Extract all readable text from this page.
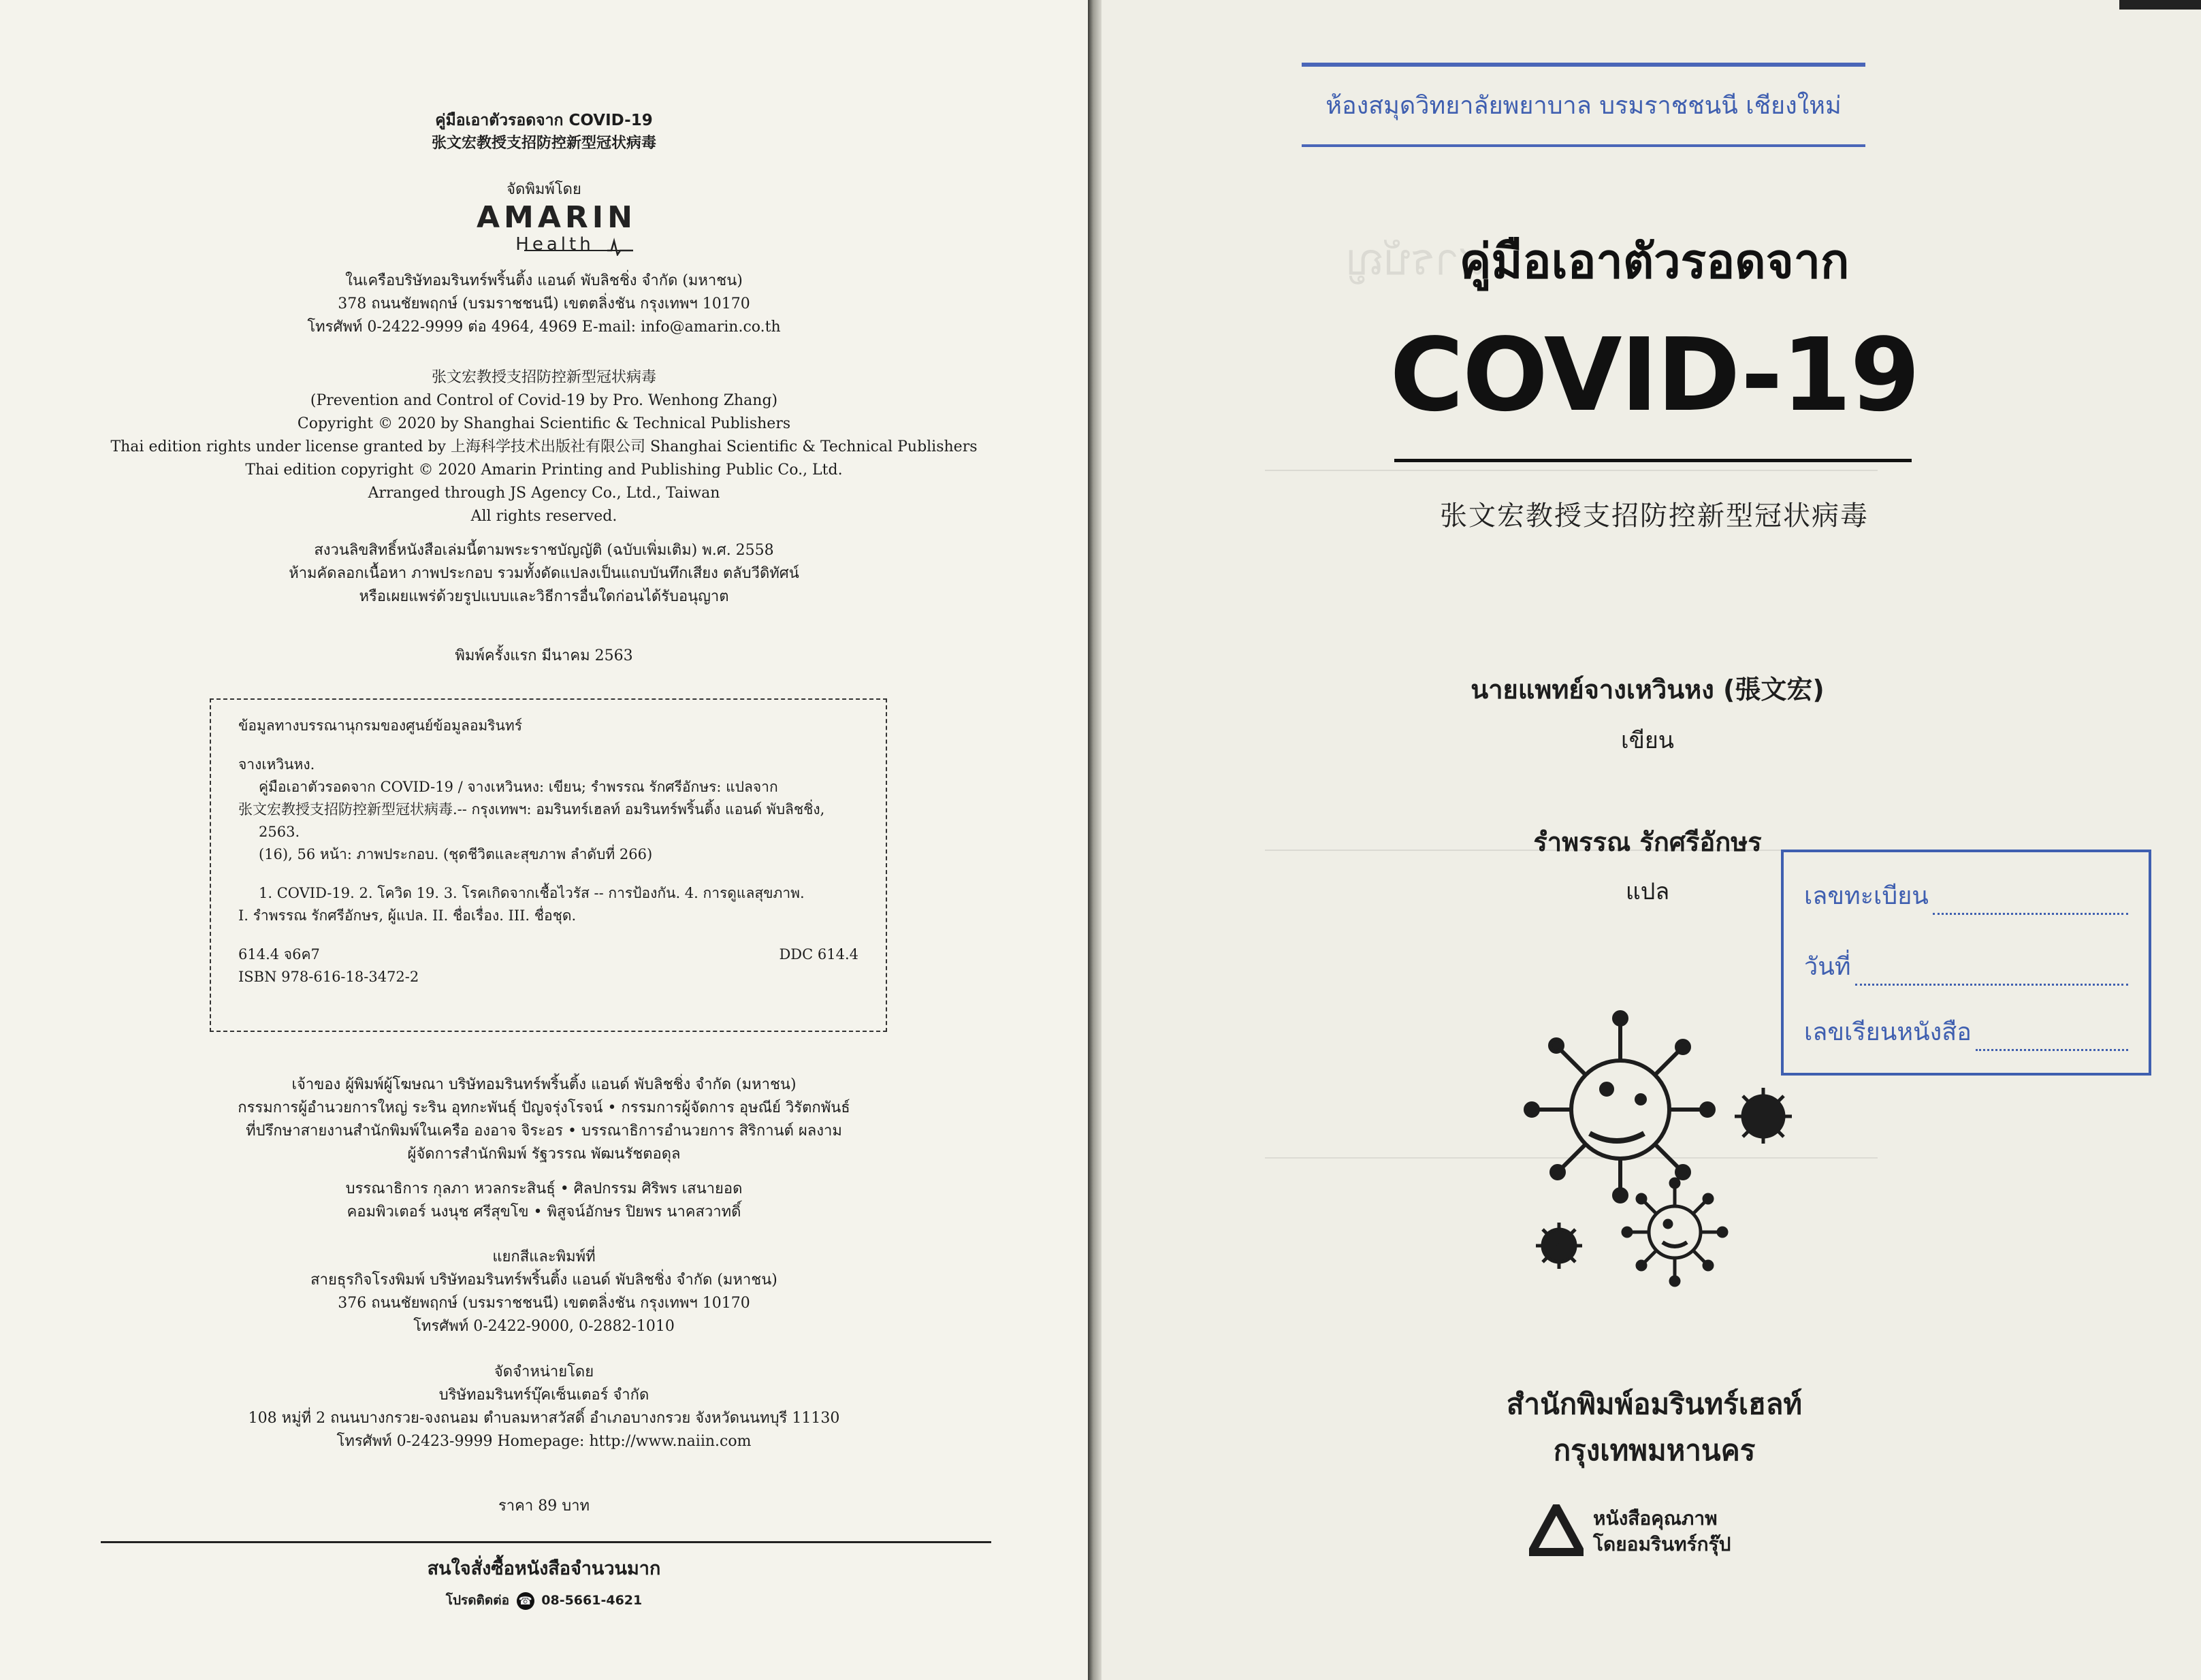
คู่มือเอาตัวรอดจาก COVID-19
张文宏教授支招防控新型冠状病毒
จัดพิมพ์โดย
AMARIN
Health
ในเครือบริษัทอมรินทร์พริ้นติ้ง แอนด์ พับลิชชิ่ง จำกัด (มหาชน)
378 ถนนชัยพฤกษ์ (บรมราชชนนี) เขตตลิ่งชัน กรุงเทพฯ 10170
โทรศัพท์ 0-2422-9999 ต่อ 4964, 4969 E-mail: info@amarin.co.th
张文宏教授支招防控新型冠状病毒
(Prevention and Control of Covid-19 by Pro. Wenhong Zhang)
Copyright © 2020 by Shanghai Scientific & Technical Publishers
Thai edition rights under license granted by 上海科学技术出版社有限公司 Shanghai Scientific & Technical Publishers
Thai edition copyright © 2020 Amarin Printing and Publishing Public Co., Ltd.
Arranged through JS Agency Co., Ltd., Taiwan
All rights reserved.
สงวนลิขสิทธิ์หนังสือเล่มนี้ตามพระราชบัญญัติ (ฉบับเพิ่มเติม) พ.ศ. 2558
ห้ามคัดลอกเนื้อหา ภาพประกอบ รวมทั้งดัดแปลงเป็นแถบบันทึกเสียง ตลับวีดิทัศน์
หรือเผยแพร่ด้วยรูปแบบและวิธีการอื่นใดก่อนได้รับอนุญาต
พิมพ์ครั้งแรก มีนาคม 2563
ข้อมูลทางบรรณานุกรมของศูนย์ข้อมูลอมรินทร์
จางเหวินหง.
คู่มือเอาตัวรอดจาก COVID-19 / จางเหวินหง: เขียน; รำพรรณ รักศรีอักษร: แปลจาก
张文宏教授支招防控新型冠状病毒.-- กรุงเทพฯ: อมรินทร์เฮลท์ อมรินทร์พริ้นติ้ง แอนด์ พับลิชชิ่ง,
2563.
(16), 56 หน้า: ภาพประกอบ. (ชุดชีวิตและสุขภาพ ลำดับที่ 266)
1. COVID-19. 2. โควิด 19. 3. โรคเกิดจากเชื้อไวรัส -- การป้องกัน. 4. การดูแลสุขภาพ.
I. รำพรรณ รักศรีอักษร, ผู้แปล. II. ชื่อเรื่อง. III. ชื่อชุด.
614.4 จ6ค7	DDC 614.4
ISBN 978-616-18-3472-2
เจ้าของ ผู้พิมพ์ผู้โฆษณา บริษัทอมรินทร์พริ้นติ้ง แอนด์ พับลิชชิ่ง จำกัด (มหาชน)
กรรมการผู้อำนวยการใหญ่ ระริน อุทกะพันธุ์ ปัญจรุ่งโรจน์ • กรรมการผู้จัดการ อุษณีย์ วิรัตกพันธ์
ที่ปรึกษาสายงานสำนักพิมพ์ในเครือ องอาจ จิระอร • บรรณาธิการอำนวยการ สิริกานต์ ผลงาม
ผู้จัดการสำนักพิมพ์ รัฐวรรณ พัฒนรัชตอดุล
บรรณาธิการ กุลภา หวลกระสินธุ์ • ศิลปกรรม ศิริพร เสนายอด
คอมพิวเตอร์ นงนุช ศรีสุขโข • พิสูจน์อักษร ปิยพร นาคสวาทดิ์
แยกสีและพิมพ์ที่
สายธุรกิจโรงพิมพ์ บริษัทอมรินทร์พริ้นติ้ง แอนด์ พับลิชชิ่ง จำกัด (มหาชน)
376 ถนนชัยพฤกษ์ (บรมราชชนนี) เขตตลิ่งชัน กรุงเทพฯ 10170
โทรศัพท์ 0-2422-9000, 0-2882-1010
จัดจำหน่ายโดย
บริษัทอมรินทร์บุ๊คเซ็นเตอร์ จำกัด
108 หมู่ที่ 2 ถนนบางกรวย-จงถนอม ตำบลมหาสวัสดิ์ อำเภอบางกรวย จังหวัดนนทบุรี 11130
โทรศัพท์ 0-2423-9999 Homepage: http://www.naiin.com
ราคา 89 บาท
สนใจสั่งซื้อหนังสือจำนวนมาก
โปรดติดต่อ ☎ 08-5661-4621
สารบัญ
ห้องสมุดวิทยาลัยพยาบาล บรมราชชนนี เชียงใหม่
คู่มือเอาตัวรอดจาก
COVID-19
张文宏教授支招防控新型冠状病毒
นายแพทย์จางเหวินหง (張文宏)
เขียน
รำพรรณ รักศรีอักษร
แปล	เลขทะเบียน
วันที่
เลขเรียนหนังสือ
สำนักพิมพ์อมรินทร์เฮลท์
กรุงเทพมหานคร
หนังสือคุณภาพ
โดยอมรินทร์กรุ๊ป
